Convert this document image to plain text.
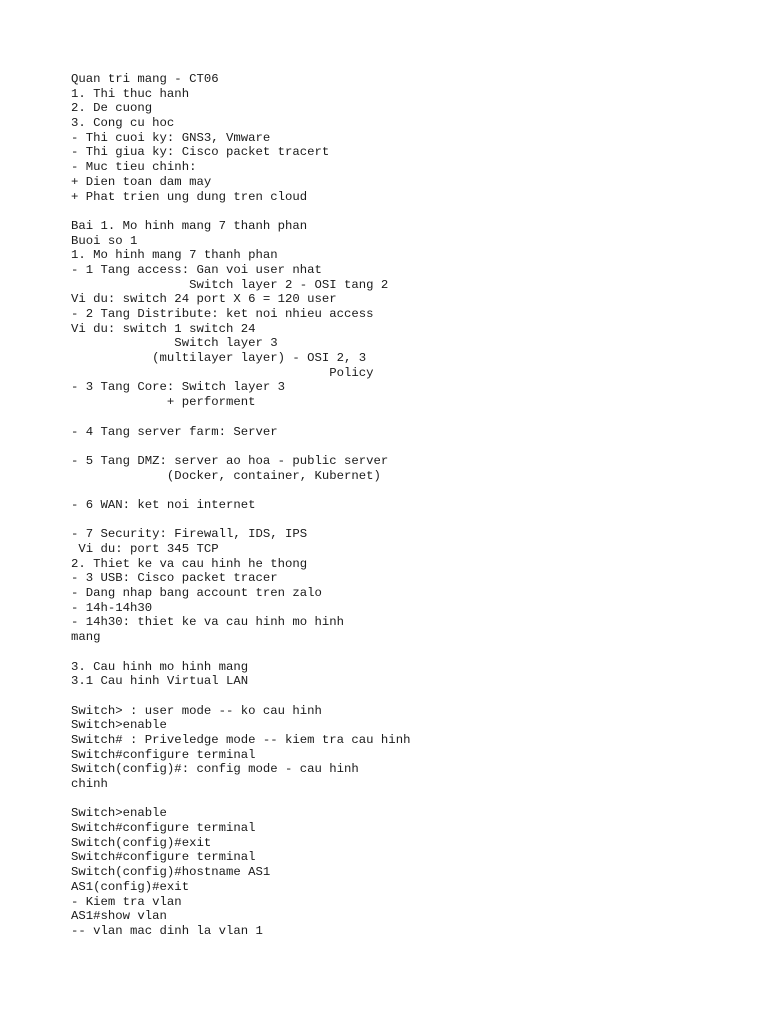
Quan tri mang - CT06
1. Thi thuc hanh
2. De cuong
3. Cong cu hoc
- Thi cuoi ky: GNS3, Vmware
- Thi giua ky: Cisco packet tracert
- Muc tieu chinh:
+ Dien toan dam may
+ Phat trien ung dung tren cloud
Bai 1. Mo hinh mang 7 thanh phan
Buoi so 1
1. Mo hinh mang 7 thanh phan
- 1 Tang access: Gan voi user nhat
Switch layer 2 - OSI tang 2
Vi du: switch 24 port X 6 = 120 user
- 2 Tang Distribute: ket noi nhieu access
Vi du: switch 1 switch 24
Switch layer 3
(multilayer layer) - OSI 2, 3
Policy
- 3 Tang Core: Switch layer 3
+ performent
- 4 Tang server farm: Server
- 5 Tang DMZ: server ao hoa - public server
(Docker, container, Kubernet)
- 6 WAN: ket noi internet
- 7 Security: Firewall, IDS, IPS
Vi du: port 345 TCP
2. Thiet ke va cau hinh he thong
- 3 USB: Cisco packet tracer
- Dang nhap bang account tren zalo
- 14h-14h30
- 14h30: thiet ke va cau hinh mo hinh
mang
3. Cau hinh mo hinh mang
3.1 Cau hinh Virtual LAN
Switch> : user mode -- ko cau hinh
Switch>enable
Switch# : Priveledge mode -- kiem tra cau hinh
Switch#configure terminal
Switch(config)#: config mode - cau hinh
chinh
Switch>enable
Switch#configure terminal
Switch(config)#exit
Switch#configure terminal
Switch(config)#hostname AS1
AS1(config)#exit
- Kiem tra vlan
AS1#show vlan
-- vlan mac dinh la vlan 1
